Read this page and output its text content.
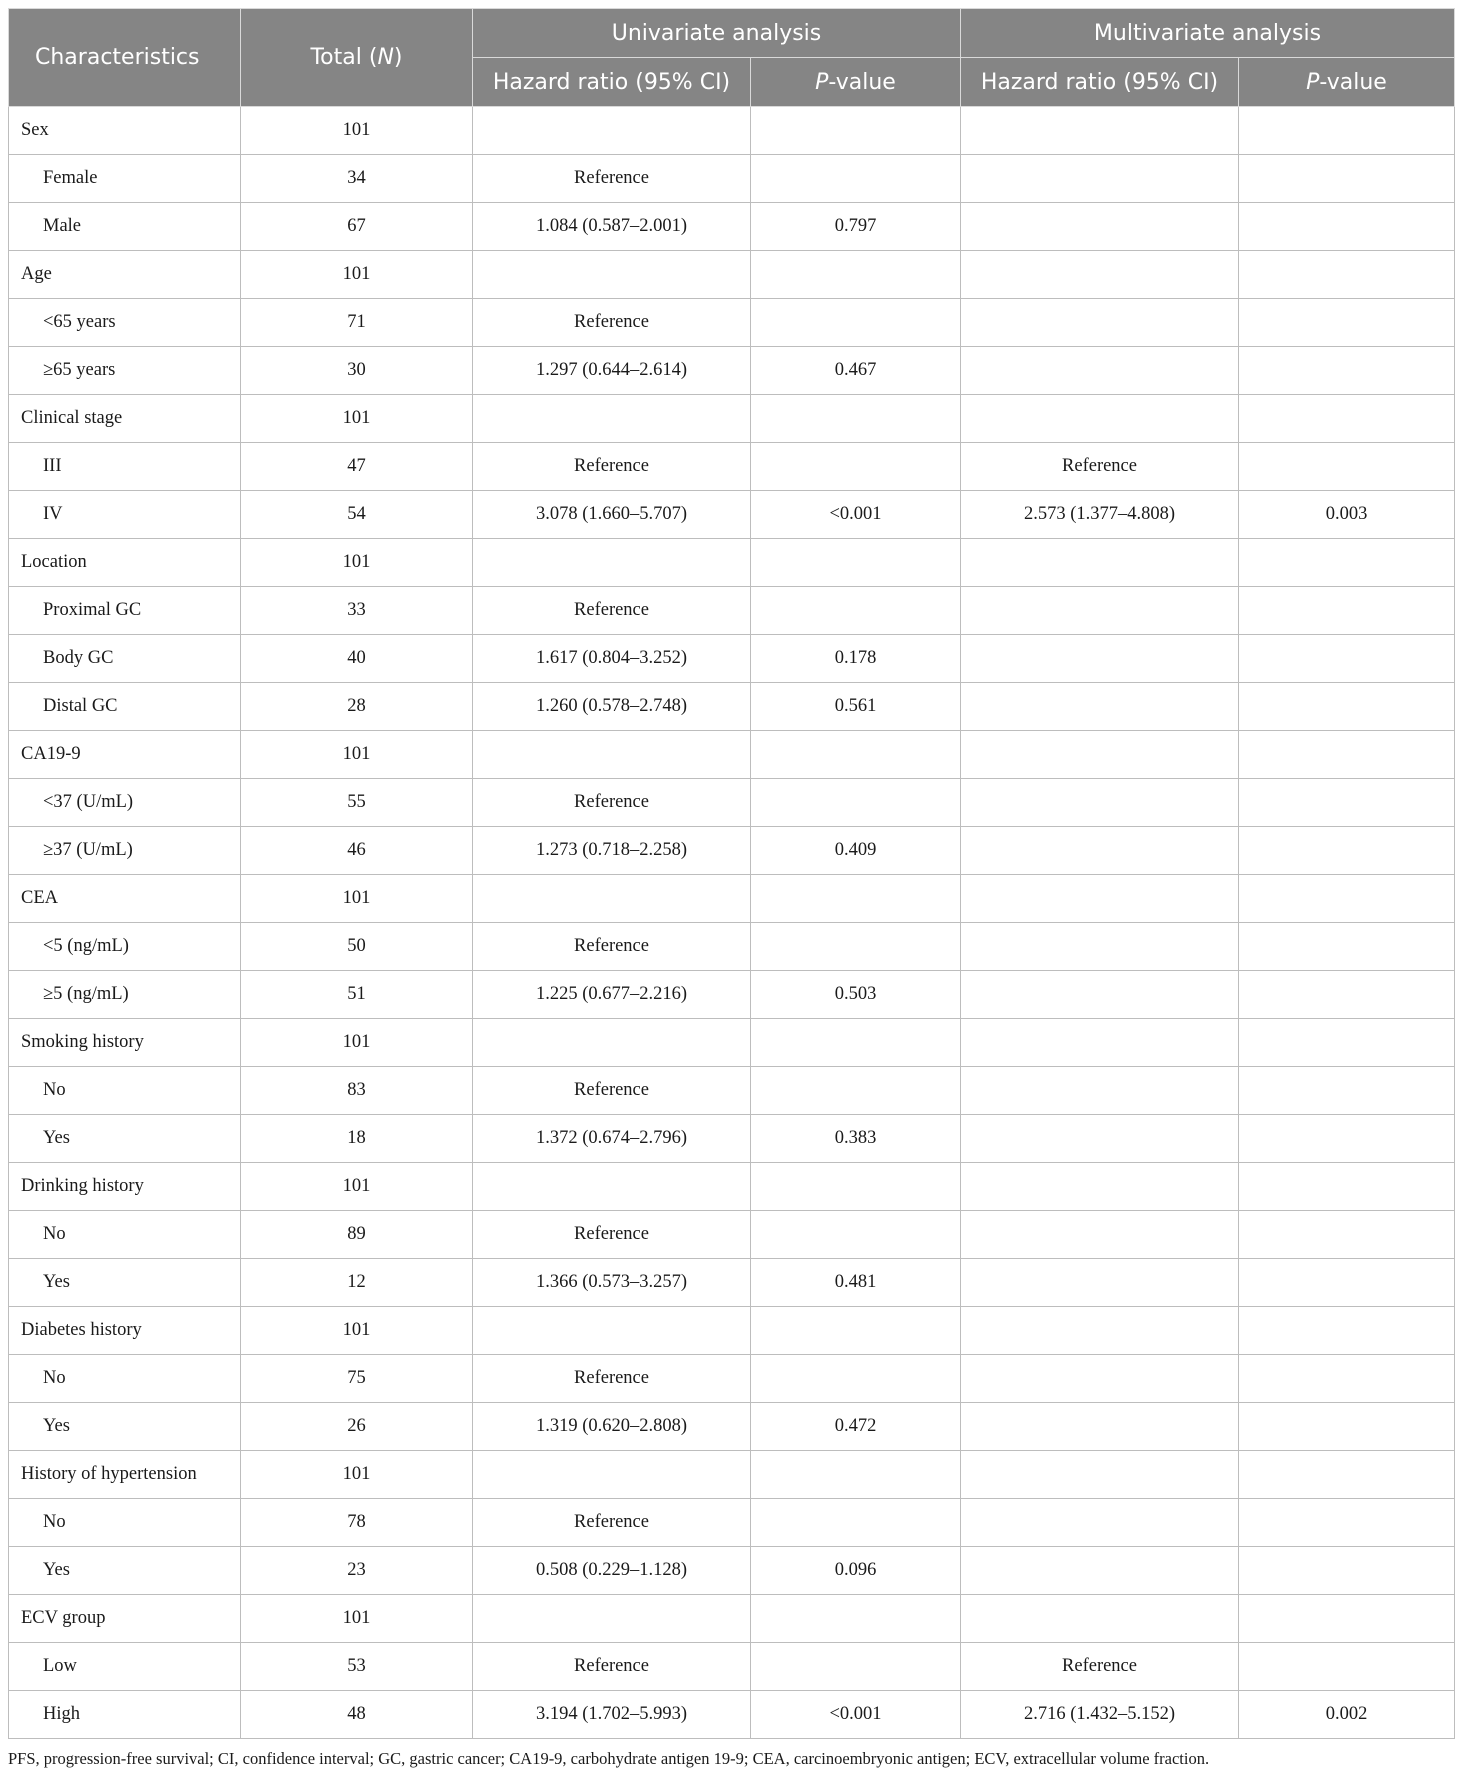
Characteristics	Total (N)	Univariate analysis		Multivariate analysis	
		Hazard ratio (95% CI)	P-value	Hazard ratio (95% CI)	P-value
Sex	101				
Female	34	Reference			
Male	67	1.084 (0.587–2.001)	0.797		
Age	101				
<65 years	71	Reference			
≥65 years	30	1.297 (0.644–2.614)	0.467		
Clinical stage	101				
III	47	Reference		Reference	
IV	54	3.078 (1.660–5.707)	<0.001	2.573 (1.377–4.808)	0.003
Location	101				
Proximal GC	33	Reference			
Body GC	40	1.617 (0.804–3.252)	0.178		
Distal GC	28	1.260 (0.578–2.748)	0.561		
CA19-9	101				
<37 (U/mL)	55	Reference			
≥37 (U/mL)	46	1.273 (0.718–2.258)	0.409		
CEA	101				
<5 (ng/mL)	50	Reference			
≥5 (ng/mL)	51	1.225 (0.677–2.216)	0.503		
Smoking history	101				
No	83	Reference			
Yes	18	1.372 (0.674–2.796)	0.383		
Drinking history	101				
No	89	Reference			
Yes	12	1.366 (0.573–3.257)	0.481		
Diabetes history	101				
No	75	Reference			
Yes	26	1.319 (0.620–2.808)	0.472		
History of hypertension	101				
No	78	Reference			
Yes	23	0.508 (0.229–1.128)	0.096		
ECV group	101				
Low	53	Reference		Reference	
High	48	3.194 (1.702–5.993)	<0.001	2.716 (1.432–5.152)	0.002
PFS, progression-free survival; CI, confidence interval; GC, gastric cancer; CA19-9, carbohydrate antigen 19-9; CEA, carcinoembryonic antigen; ECV, extracellular volume fraction.
